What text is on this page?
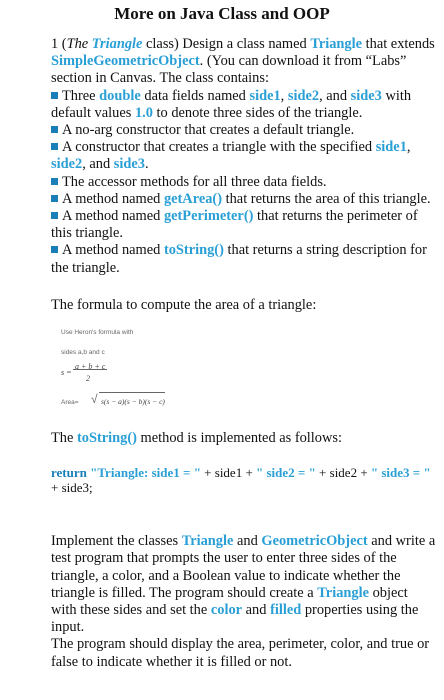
More on Java Class and OOP

1 (The Triangle class) Design a class named Triangle that extends SimpleGeometricObject. (You can download it from “Labs” section in Canvas. The class contains:

Three double data fields named side1, side2, and side3 with default values 1.0 to denote three sides of the triangle.

A no-arg constructor that creates a default triangle.

A constructor that creates a triangle with the specified side1, side2, and side3.

The accessor methods for all three data fields.

A method named getArea() that returns the area of this triangle.

A method named getPerimeter() that returns the perimeter of this triangle.

A method named toString() that returns a string description for the triangle.

The formula to compute the area of a triangle:

Use Heron's formula with
sides a,b and c
s =
a + b + c
2
Area= √ s(s − a)(s − b)(s − c)

The toString() method is implemented as follows:

return "Triangle: side1 = " + side1 + " side2 = " + side2 + " side3 = " + side3;

Implement the classes Triangle and GeometricObject and write a test program that prompts the user to enter three sides of the triangle, a color, and a Boolean value to indicate whether the triangle is filled. The program should create a Triangle object with these sides and set the color and filled properties using the input.
The program should display the area, perimeter, color, and true or false to indicate whether it is filled or not.
